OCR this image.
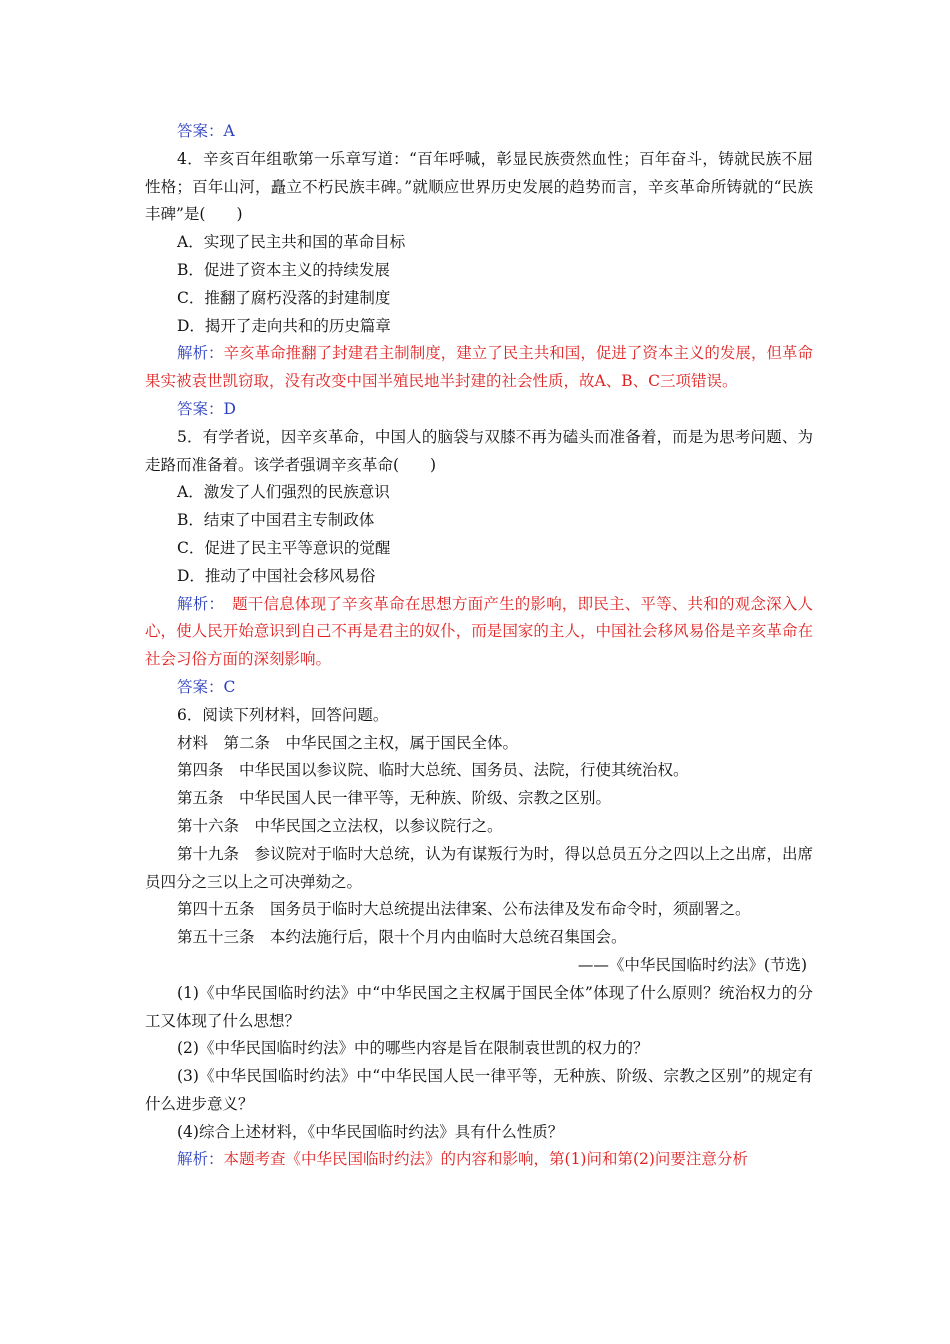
答案：A
4．辛亥百年组歌第一乐章写道：“百年呼喊，彰显民族赍然血性；百年奋斗，铸就民族不屈性格；百年山河，矗立不朽民族丰碑。”就顺应世界历史发展的趋势而言，辛亥革命所铸就的“民族丰碑”是(　　)
A．实现了民主共和国的革命目标
B．促进了资本主义的持续发展
C．推翻了腐朽没落的封建制度
D．揭开了走向共和的历史篇章
解析：辛亥革命推翻了封建君主制制度，建立了民主共和国，促进了资本主义的发展，但革命果实被袁世凯窃取，没有改变中国半殖民地半封建的社会性质，故A、B、C三项错误。
答案：D
5．有学者说，因辛亥革命，中国人的脑袋与双膝不再为磕头而准备着，而是为思考问题、为走路而准备着。该学者强调辛亥革命(　　)
A．激发了人们强烈的民族意识
B．结束了中国君主专制政体
C．促进了民主平等意识的觉醒
D．推动了中国社会移风易俗
解析：　题干信息体现了辛亥革命在思想方面产生的影响，即民主、平等、共和的观念深入人心，使人民开始意识到自己不再是君主的奴仆，而是国家的主人，中国社会移风易俗是辛亥革命在社会习俗方面的深刻影响。
答案：C
6．阅读下列材料，回答问题。
材料　第二条　中华民国之主权，属于国民全体。
第四条　中华民国以参议院、临时大总统、国务员、法院，行使其统治权。
第五条　中华民国人民一律平等，无种族、阶级、宗教之区别。
第十六条　中华民国之立法权，以参议院行之。
第十九条　参议院对于临时大总统，认为有谋叛行为时，得以总员五分之四以上之出席，出席员四分之三以上之可决弹劾之。
第四十五条　国务员于临时大总统提出法律案、公布法律及发布命令时，须副署之。
第五十三条　本约法施行后，限十个月内由临时大总统召集国会。
——《中华民国临时约法》(节选)
(1)《中华民国临时约法》中“中华民国之主权属于国民全体”体现了什么原则？统治权力的分工又体现了什么思想？
(2)《中华民国临时约法》中的哪些内容是旨在限制袁世凯的权力的？
(3)《中华民国临时约法》中“中华民国人民一律平等，无种族、阶级、宗教之区别”的规定有什么进步意义？
(4)综合上述材料，《中华民国临时约法》具有什么性质？
解析：本题考查《中华民国临时约法》的内容和影响，第(1)问和第(2)问要注意分析
